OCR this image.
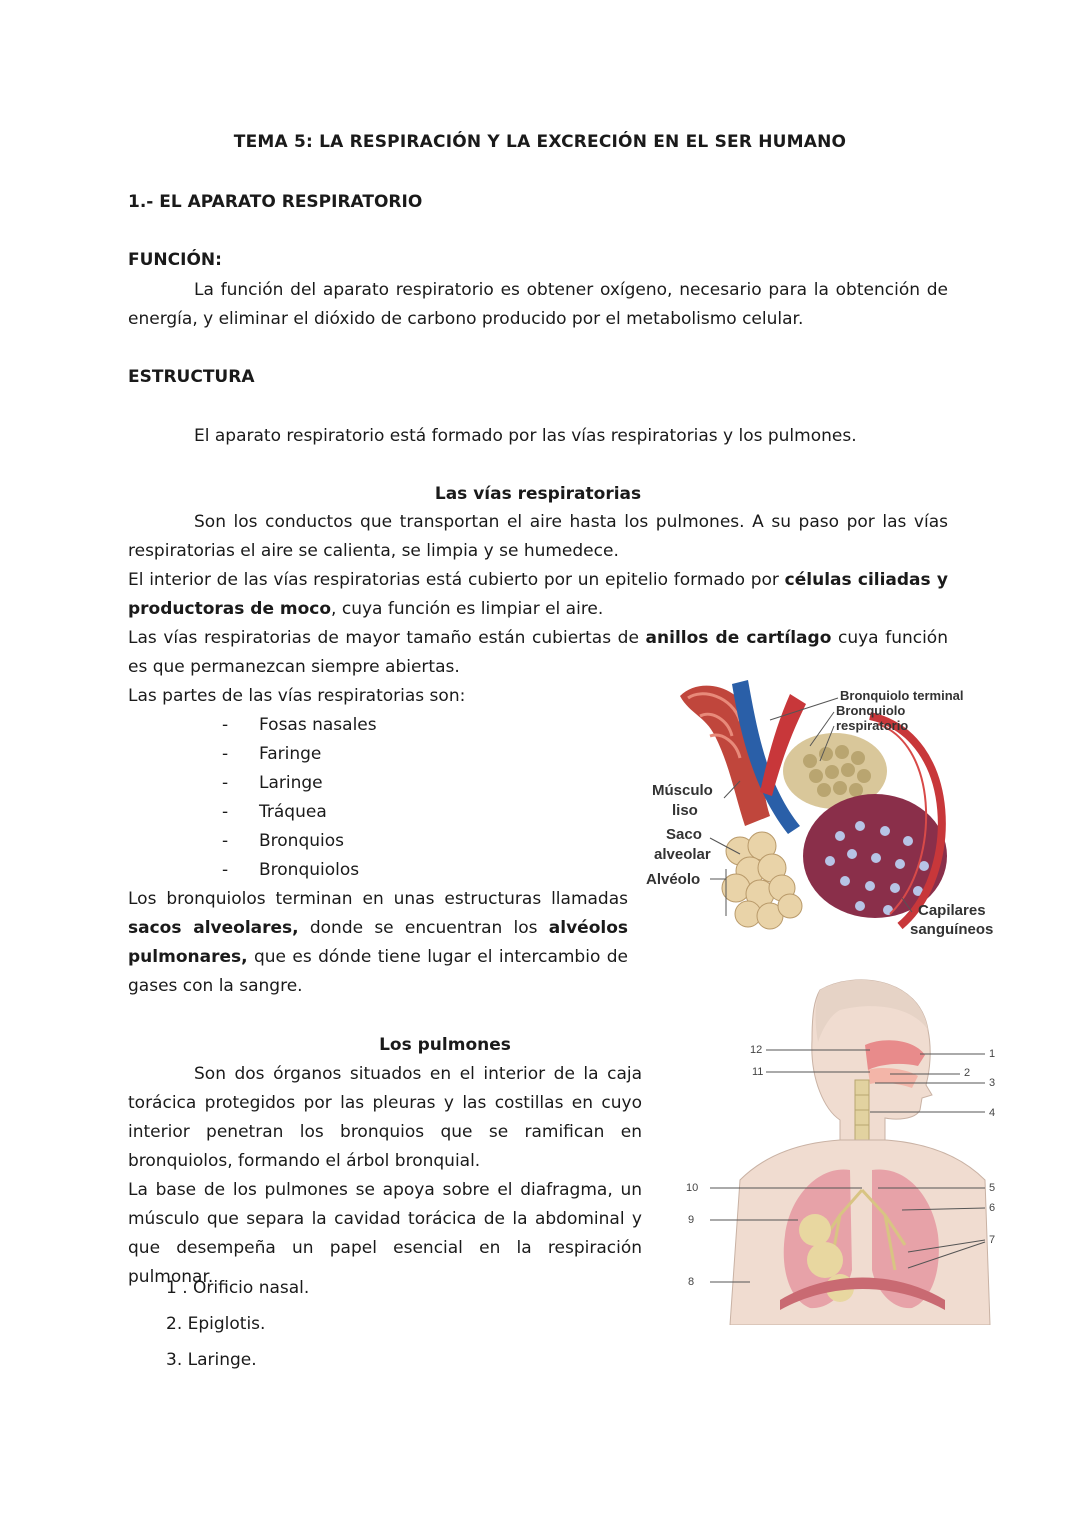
TEMA 5: LA RESPIRACIÓN Y LA EXCRECIÓN EN EL SER HUMANO
1.- EL APARATO RESPIRATORIO
FUNCIÓN:
La función del aparato respiratorio es obtener oxígeno, necesario para la obtención de energía, y eliminar el dióxido de carbono producido por el metabolismo celular.
ESTRUCTURA
El aparato respiratorio está formado por las vías respiratorias y los pulmones.
Las vías respiratorias
Son los conductos que transportan el aire hasta los pulmones. A su paso por las vías respiratorias el aire se calienta, se limpia y se humedece.
El interior de las vías respiratorias está cubierto por un epitelio formado por células ciliadas y productoras de moco, cuya función es limpiar el aire.
Las vías respiratorias de mayor tamaño están cubiertas de anillos de cartílago cuya función es que permanezcan siempre abiertas.
Las partes de las vías respiratorias son:
- Fosas nasales
- Faringe
- Laringe
- Tráquea
- Bronquios
- Bronquiolos
Los bronquiolos terminan en unas estructuras llamadas sacos alveolares, donde se encuentran los alvéolos pulmonares, que es dónde tiene lugar el intercambio de gases con la sangre.
Los pulmones
Son dos órganos situados en el interior de la caja torácica protegidos por las pleuras y las costillas en cuyo interior penetran los bronquios que se ramifican en bronquiolos, formando el árbol bronquial.
La base de los pulmones se apoya sobre el diafragma, un músculo que separa la cavidad torácica de la abdominal y que desempeña un papel esencial en la respiración pulmonar.
1 . Orificio nasal.
2. Epiglotis.
3. Laringe.
Bronquiolo terminal
Bronquiolo
respiratorio
Músculo
liso
Saco
alveolar
Alvéolo
Capilares
sanguíneos
1
2
3
4
5
6
7
8
9
10
11
12
